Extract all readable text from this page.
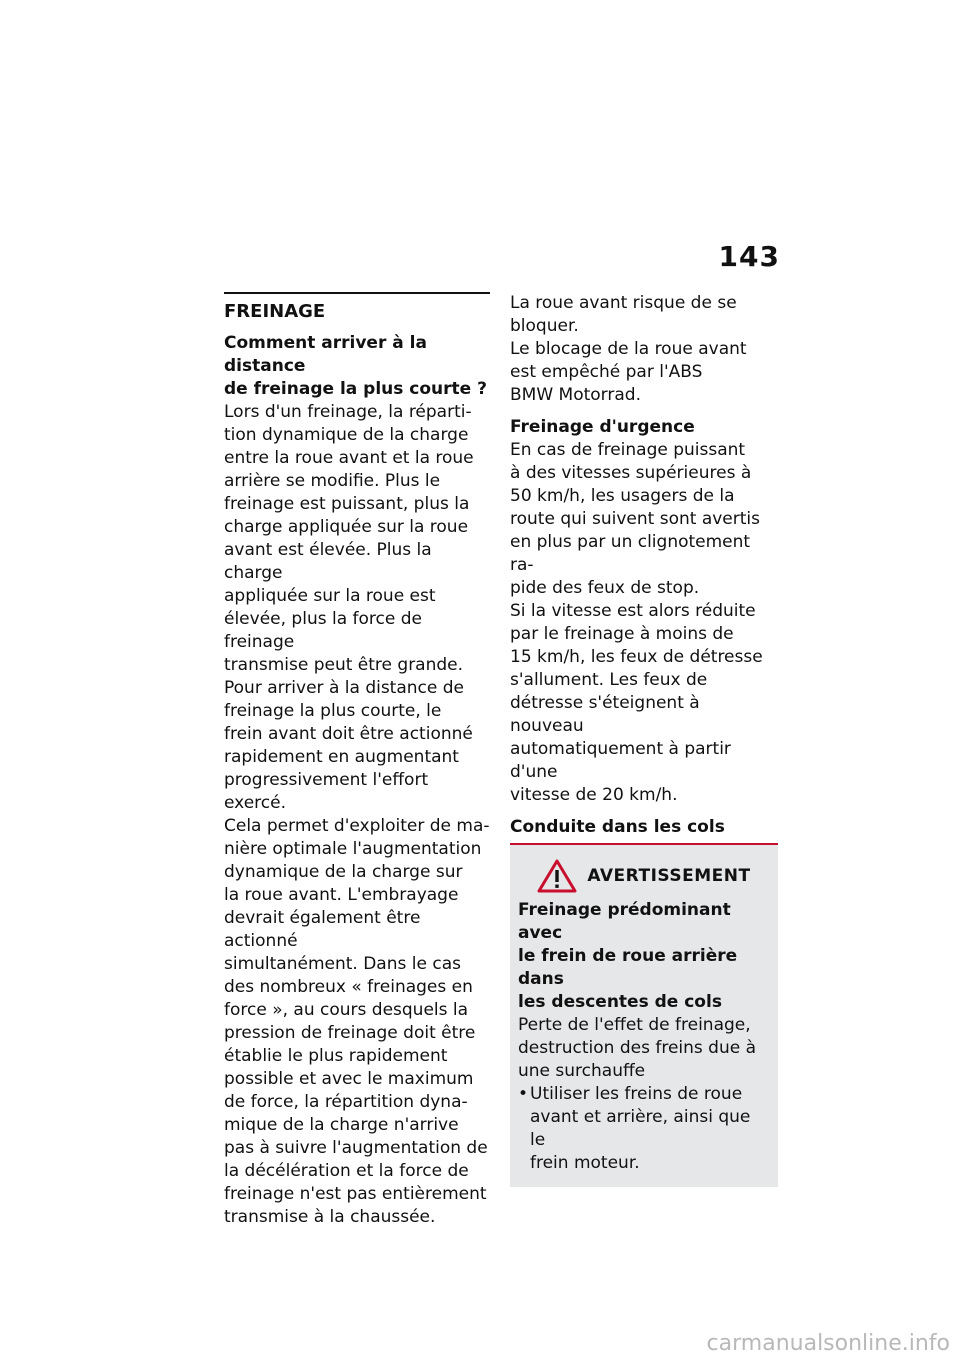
143
FREINAGE

Comment arriver à la distance
de freinage la plus courte ?

Lors d'un freinage, la réparti-
tion dynamique de la charge
entre la roue avant et la roue
arrière se modifie. Plus le
freinage est puissant, plus la
charge appliquée sur la roue
avant est élevée. Plus la charge
appliquée sur la roue est
élevée, plus la force de freinage
transmise peut être grande.

Pour arriver à la distance de
freinage la plus courte, le
frein avant doit être actionné
rapidement en augmentant
progressivement l'effort exercé.
Cela permet d'exploiter de ma-
nière optimale l'augmentation
dynamique de la charge sur
la roue avant. L'embrayage
devrait également être actionné
simultanément. Dans le cas
des nombreux « freinages en
force », au cours desquels la
pression de freinage doit être
établie le plus rapidement
possible et avec le maximum
de force, la répartition dyna-
mique de la charge n'arrive
pas à suivre l'augmentation de
la décélération et la force de
freinage n'est pas entièrement
transmise à la chaussée.

La roue avant risque de se
bloquer.

Le blocage de la roue avant
est empêché par l'ABS
BMW Motorrad.

Freinage d'urgence

En cas de freinage puissant
à des vitesses supérieures à
50 km/h, les usagers de la
route qui suivent sont avertis
en plus par un clignotement ra-
pide des feux de stop.

Si la vitesse est alors réduite
par le freinage à moins de
15 km/h, les feux de détresse
s'allument. Les feux de
détresse s'éteignent à nouveau
automatiquement à partir d'une
vitesse de 20 km/h.

Conduite dans les cols

AVERTISSEMENT

Freinage prédominant avec
le frein de roue arrière dans
les descentes de cols

Perte de l'effet de freinage,
destruction des freins due à
une surchauffe

• Utiliser les freins de roue
avant et arrière, ainsi que le
frein moteur.
carmanualsonline.info
